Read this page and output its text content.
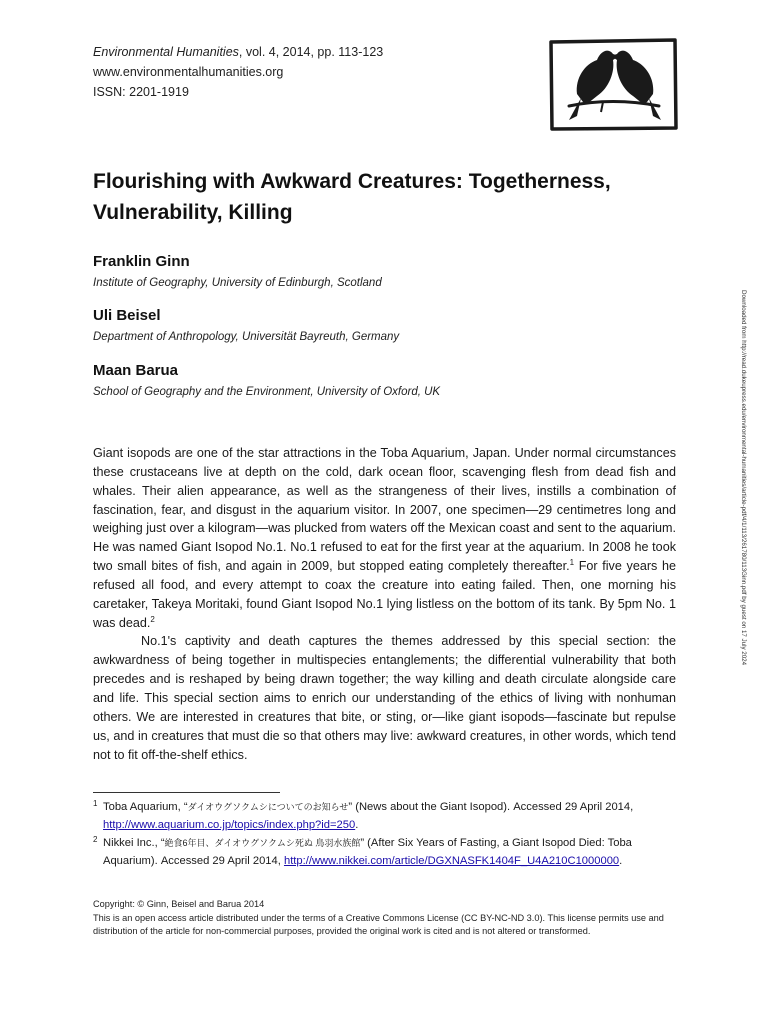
Environmental Humanities, vol. 4, 2014, pp. 113-123
www.environmentalhumanities.org
ISSN: 2201-1919
Flourishing with Awkward Creatures: Togetherness, Vulnerability, Killing
Franklin Ginn
Institute of Geography, University of Edinburgh, Scotland
Uli Beisel
Department of Anthropology, Universität Bayreuth, Germany
Maan Barua
School of Geography and the Environment, University of Oxford, UK	Downloaded from http://read.dukeupress.edu/environmental-humanities/article-pdf/4/1/113/261780/113Ginn.pdf by guest on 17 July 2024

Giant isopods are one of the star attractions in the Toba Aquarium, Japan. Under normal circumstances these crustaceans live at depth on the cold, dark ocean floor, scavenging flesh from dead fish and whales. Their alien appearance, as well as the strangeness of their lives, instills a combination of fascination, fear, and disgust in the aquarium visitor. In 2007, one specimen—29 centimetres long and weighing just over a kilogram—was plucked from waters off the Mexican coast and sent to the aquarium. He was named Giant Isopod No.1. No.1 refused to eat for the first year at the aquarium. In 2008 he took two small bites of fish, and again in 2009, but stopped eating completely thereafter.$^1$ For five years he refused all food, and every attempt to coax the creature into eating failed. Then, one morning his caretaker, Takeya Moritaki, found Giant Isopod No.1 lying listless on the bottom of its tank. By 5pm No. 1 was dead.$^2$

No.1's captivity and death captures the themes addressed by this special section: the awkwardness of being together in multispecies entanglements; the differential vulnerability that both precedes and is reshaped by being drawn together; the way killing and death circulate alongside care and life. This special section aims to enrich our understanding of the ethics of living with nonhuman others. We are interested in creatures that bite, or sting, or—like giant isopods—fascinate but repulse us, and in creatures that must die so that others may live: awkward creatures, in other words, which tend not to fit off-the-shelf ethics.

1 Toba Aquarium, “ダイオウグソクムシについてのお知らせ” (News about the Giant Isopod). Accessed 29 April 2014, http://www.aquarium.co.jp/topics/index.php?id=250.
2 Nikkei Inc., “絶食6年目、ダイオウグソクムシ死ぬ 鳥羽水族館” (After Six Years of Fasting, a Giant Isopod Died: Toba Aquarium). Accessed 29 April 2014, http://www.nikkei.com/article/DGXNASFK1404F_U4A210C1000000.
Copyright: © Ginn, Beisel and Barua 2014
This is an open access article distributed under the terms of a Creative Commons License (CC BY-NC-ND 3.0). This license permits use and distribution of the article for non-commercial purposes, provided the original work is cited and is not altered or transformed.
